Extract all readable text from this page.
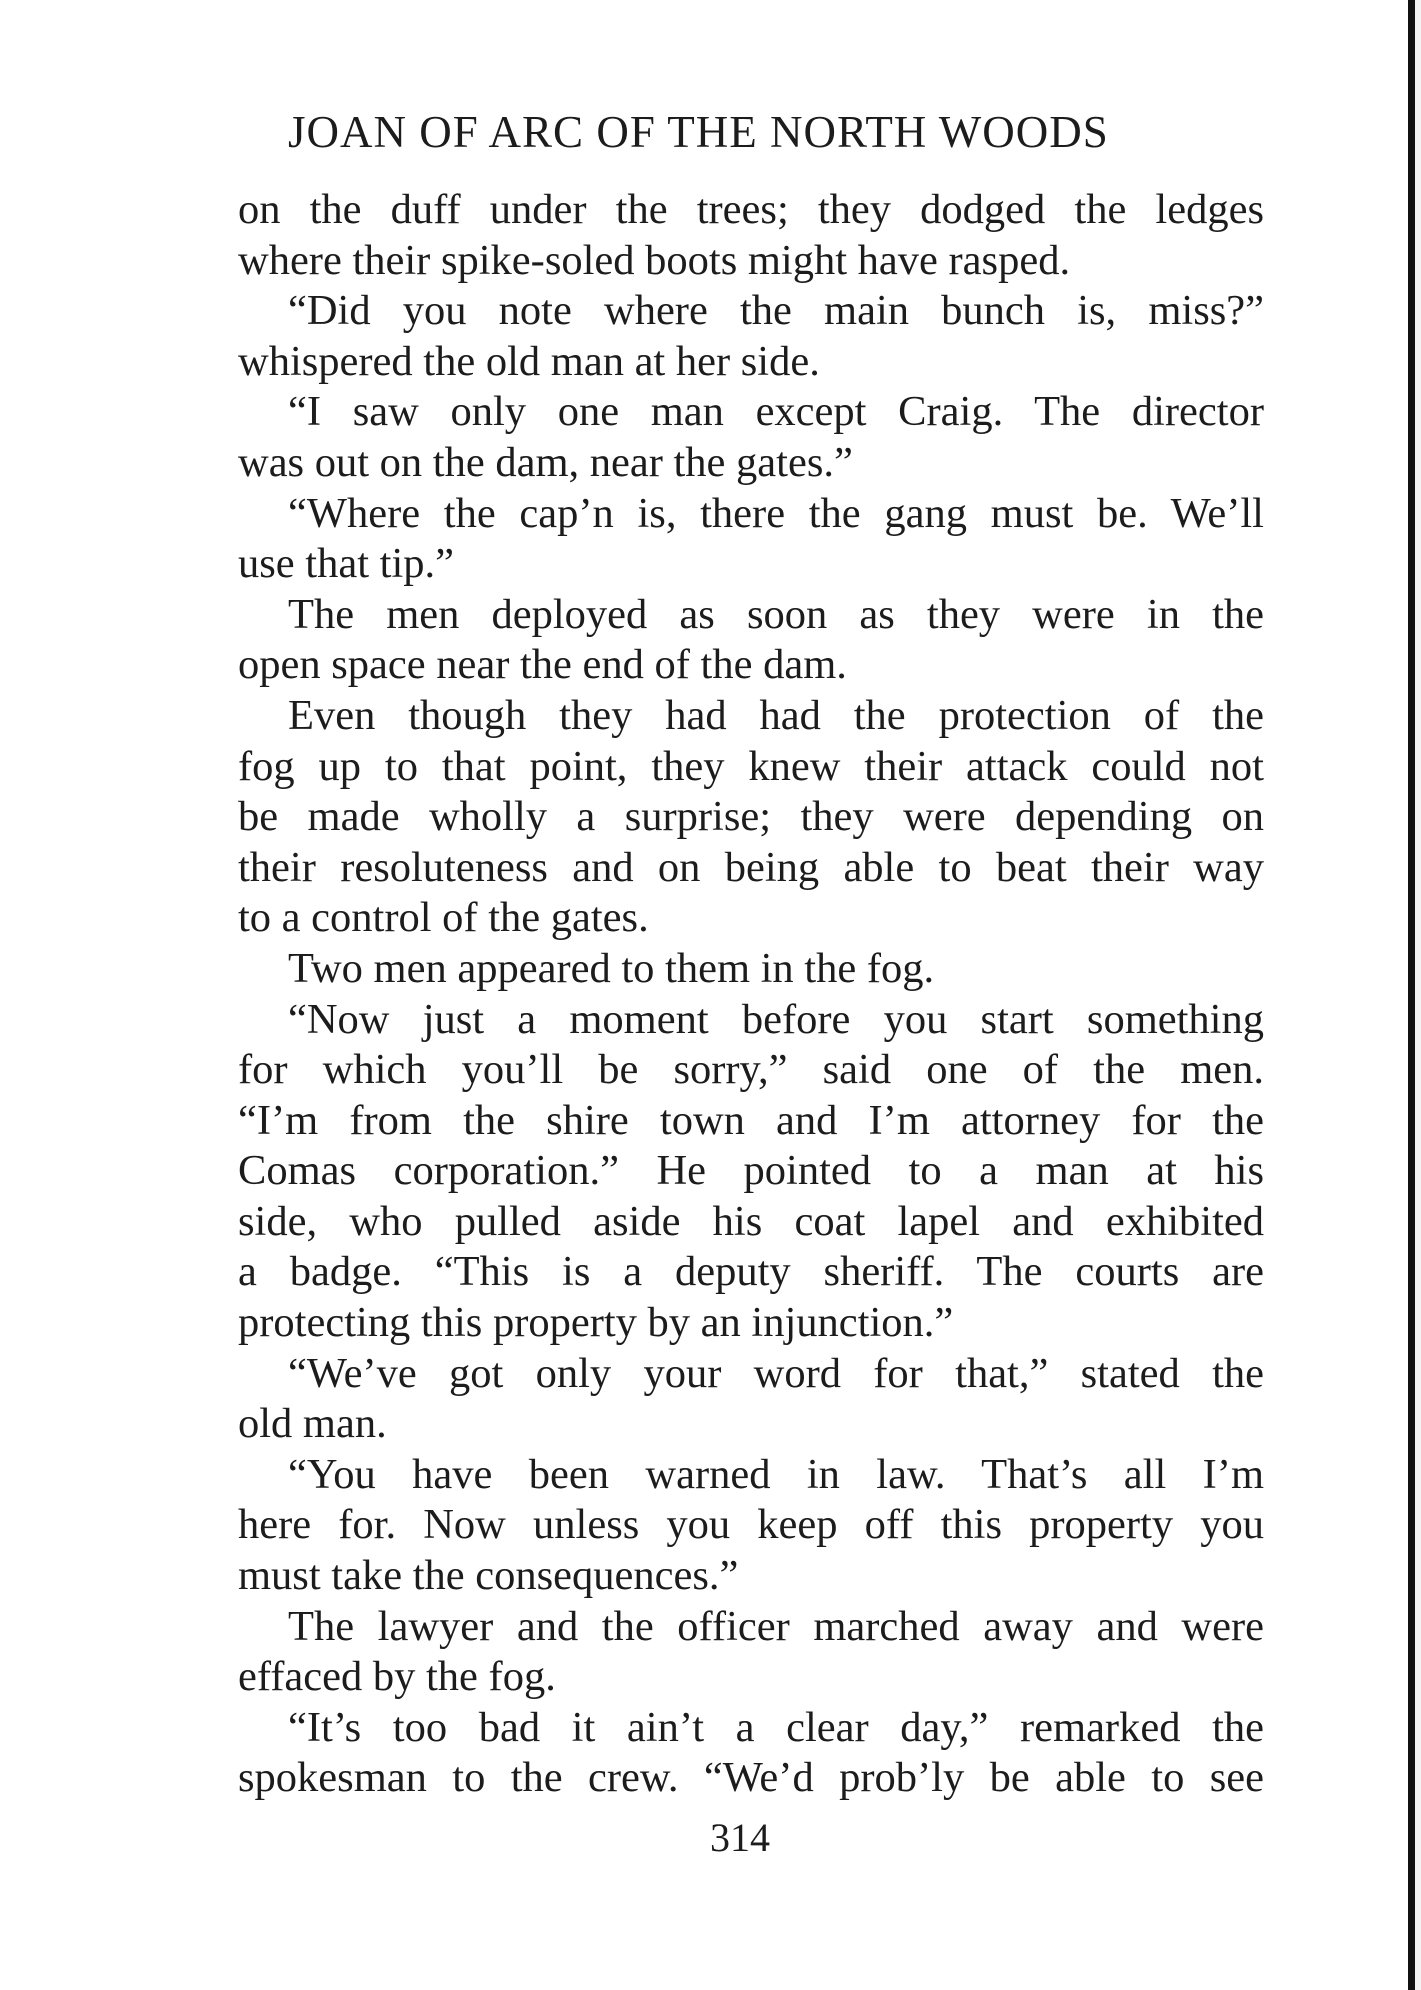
JOAN OF ARC OF THE NORTH WOODS
on the duff under the trees; they dodged the ledges
where their spike-soled boots might have rasped.
“Did you note where the main bunch is, miss?”
whispered the old man at her side.
“I saw only one man except Craig. The director
was out on the dam, near the gates.”
“Where the cap’n is, there the gang must be. We’ll
use that tip.”
The men deployed as soon as they were in the
open space near the end of the dam.
Even though they had had the protection of the
fog up to that point, they knew their attack could not
be made wholly a surprise; they were depending on
their resoluteness and on being able to beat their way
to a control of the gates.
Two men appeared to them in the fog.
“Now just a moment before you start something
for which you’ll be sorry,” said one of the men.
“I’m from the shire town and I’m attorney for the
Comas corporation.” He pointed to a man at his
side, who pulled aside his coat lapel and exhibited
a badge. “This is a deputy sheriff. The courts are
protecting this property by an injunction.”
“We’ve got only your word for that,” stated the
old man.
“You have been warned in law. That’s all I’m
here for. Now unless you keep off this property you
must take the consequences.”
The lawyer and the officer marched away and were
effaced by the fog.
“It’s too bad it ain’t a clear day,” remarked the
spokesman to the crew. “We’d prob’ly be able to see
314
